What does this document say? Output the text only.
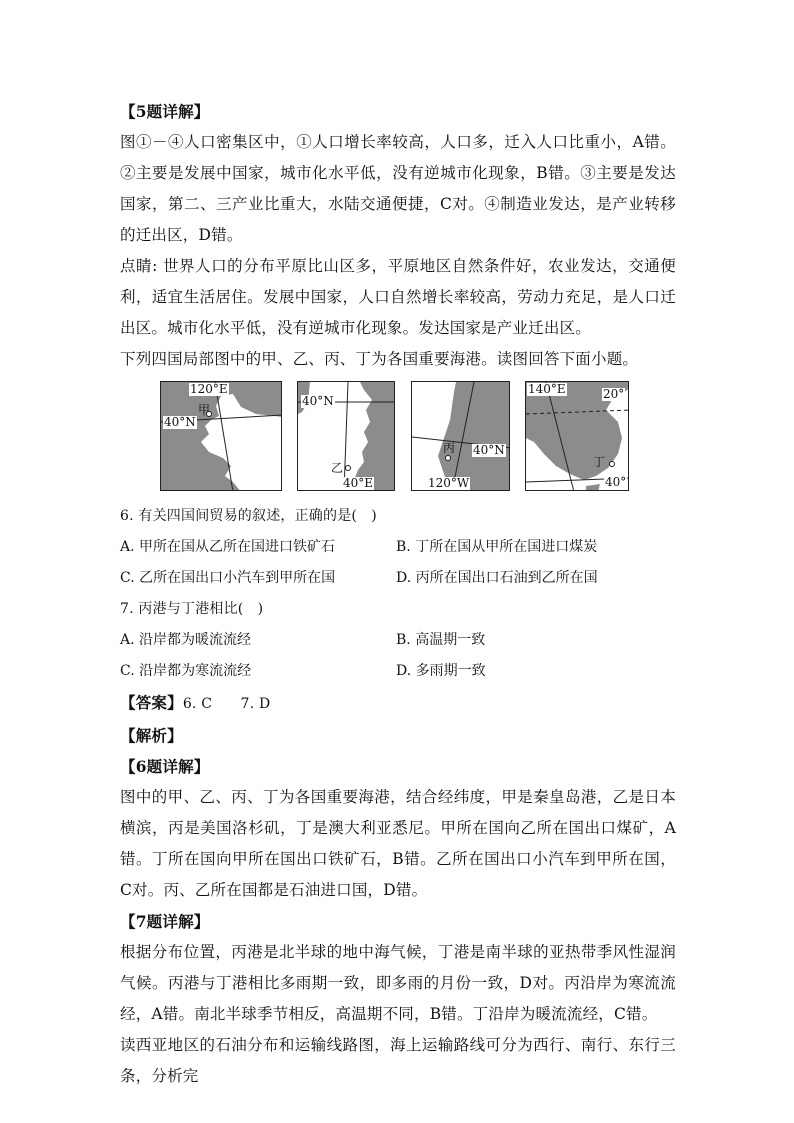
【5题详解】

图①－④人口密集区中，①人口增长率较高，人口多，迁入人口比重小，A错。②主要是发展中国家，城市化水平低，没有逆城市化现象，B错。③主要是发达国家，第二、三产业比重大，水陆交通便捷，C对。④制造业发达，是产业转移的迁出区，D错。

点睛: 世界人口的分布平原比山区多，平原地区自然条件好，农业发达，交通便利，适宜生活居住。发展中国家，人口自然增长率较高，劳动力充足，是人口迁出区。城市化水平低，没有逆城市化现象。发达国家是产业迁出区。

下列四国局部图中的甲、乙、丙、丁为各国重要海港。读图回答下面小题。

120°E
40°N
甲
40°N
40°E
乙
40°N
120°W
丙
140°E	20°
40°
丁

6. 有关四国间贸易的叙述，正确的是(　)

A. 甲所在国从乙所在国进口铁矿石	B. 丁所在国从甲所在国进口煤炭
C. 乙所在国出口小汽车到甲所在国	D. 丙所在国出口石油到乙所在国

7. 丙港与丁港相比(　)

A. 沿岸都为暖流流经	B. 高温期一致
C. 沿岸都为寒流流经	D. 多雨期一致

【答案】6. C　　7. D

【解析】

【6题详解】

图中的甲、乙、丙、丁为各国重要海港，结合经纬度，甲是秦皇岛港，乙是日本横滨，丙是美国洛杉矶，丁是澳大利亚悉尼。甲所在国向乙所在国出口煤矿，A错。丁所在国向甲所在国出口铁矿石，B错。乙所在国出口小汽车到甲所在国，C对。丙、乙所在国都是石油进口国，D错。

【7题详解】

根据分布位置，丙港是北半球的地中海气候，丁港是南半球的亚热带季风性湿润气候。丙港与丁港相比多雨期一致，即多雨的月份一致，D对。丙沿岸为寒流流经，A错。南北半球季节相反，高温期不同，B错。丁沿岸为暖流流经，C错。

读西亚地区的石油分布和运输线路图，海上运输路线可分为西行、南行、东行三条，分析完
